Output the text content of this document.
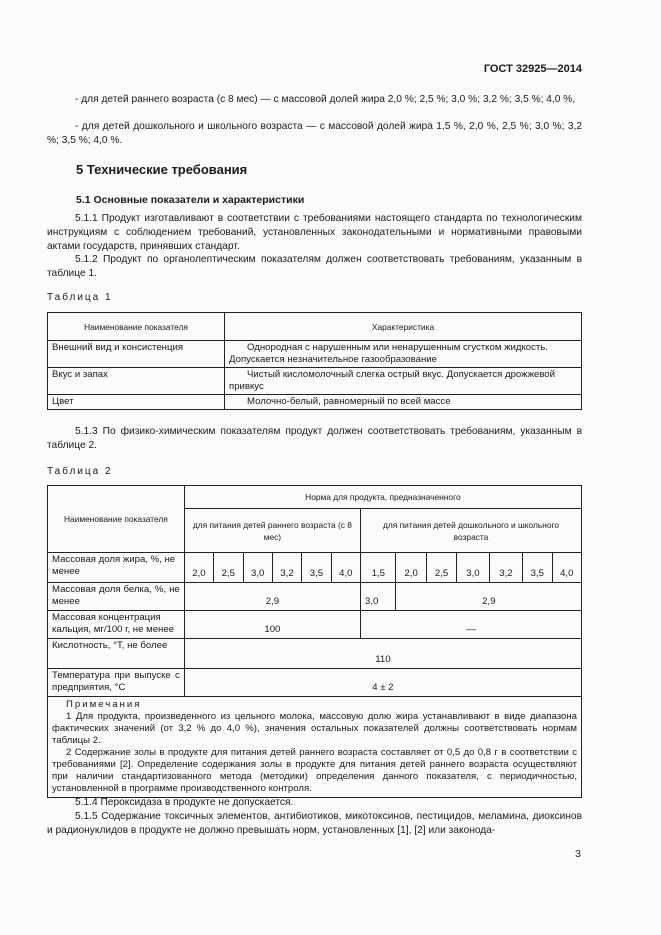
ГОСТ 32925—2014
- для детей раннего возраста (с 8 мес) — с массовой долей жира 2,0 %; 2,5 %; 3,0 %; 3,2 %; 3,5 %; 4,0 %,
- для детей дошкольного и школьного возраста — с массовой долей жира 1,5 %, 2,0 %, 2,5 %; 3,0 %; 3,2 %; 3,5 %; 4,0 %.
5 Технические требования
5.1 Основные показатели и характеристики
5.1.1 Продукт изготавливают в соответствии с требованиями настоящего стандарта по технологическим инструкциям с соблюдением требований, установленных законодательными и нормативными правовыми актами государств, принявших стандарт.
5.1.2 Продукт по органолептическим показателям должен соответствовать требованиям, указанным в таблице 1.
Таблица 1
Наименование показателя	Характеристика
Внешний вид и консистенция	Однородная с нарушенным или ненарушенным сгустком жидкость. Допускается незначительное газообразование
Вкус и запах	Чистый кисломолочный слегка острый вкус. Допускается дрожжевой привкус
Цвет	Молочно-белый, равномерный по всей массе
5.1.3 По физико-химическим показателям продукт должен соответствовать требованиям, указанным в таблице 2.
Таблица 2
Наименование показателя	Норма для продукта, предназначенного												
	для питания детей раннего возраста (с 8 мес)						для питания детей дошкольного и школьного возраста						
Массовая доля жира, %, не менее	2,0	2,5	3,0	3,2	3,5	4,0	1,5	2,0	2,5	3,0	3,2	3,5	4,0
Массовая доля белка, %, не менее	2,9						3,0	2,9					
Массовая концентрация кальция, мг/100 г, не менее	100						—						
Кислотность, °Т, не более	110												
Температура при выпуске с предприятия, °С	4 ± 2												

Примечания
1 Для продукта, произведенного из цельного молока, массовую долю жира устанавливают в виде диапазона фактических значений (от 3,2 % до 4,0 %), значения остальных показателей должны соответствовать нормам таблицы 2.
2 Содержание золы в продукте для питания детей раннего возраста составляет от 0,5 до 0,8 г в соответствии с требованиями [2]. Определение содержания золы в продукте для питания детей раннего возраста осуществляют при наличии стандартизованного метода (методики) определения данного показателя, с периодичностью, установленной в программе производственного контроля.													
5.1.4 Пероксидаза в продукте не допускается.
5.1.5 Содержание токсичных элементов, антибиотиков, микотоксинов, пестицидов, меламина, диоксинов и радионуклидов в продукте не должно превышать норм, установленных [1], [2] или законода-
3
